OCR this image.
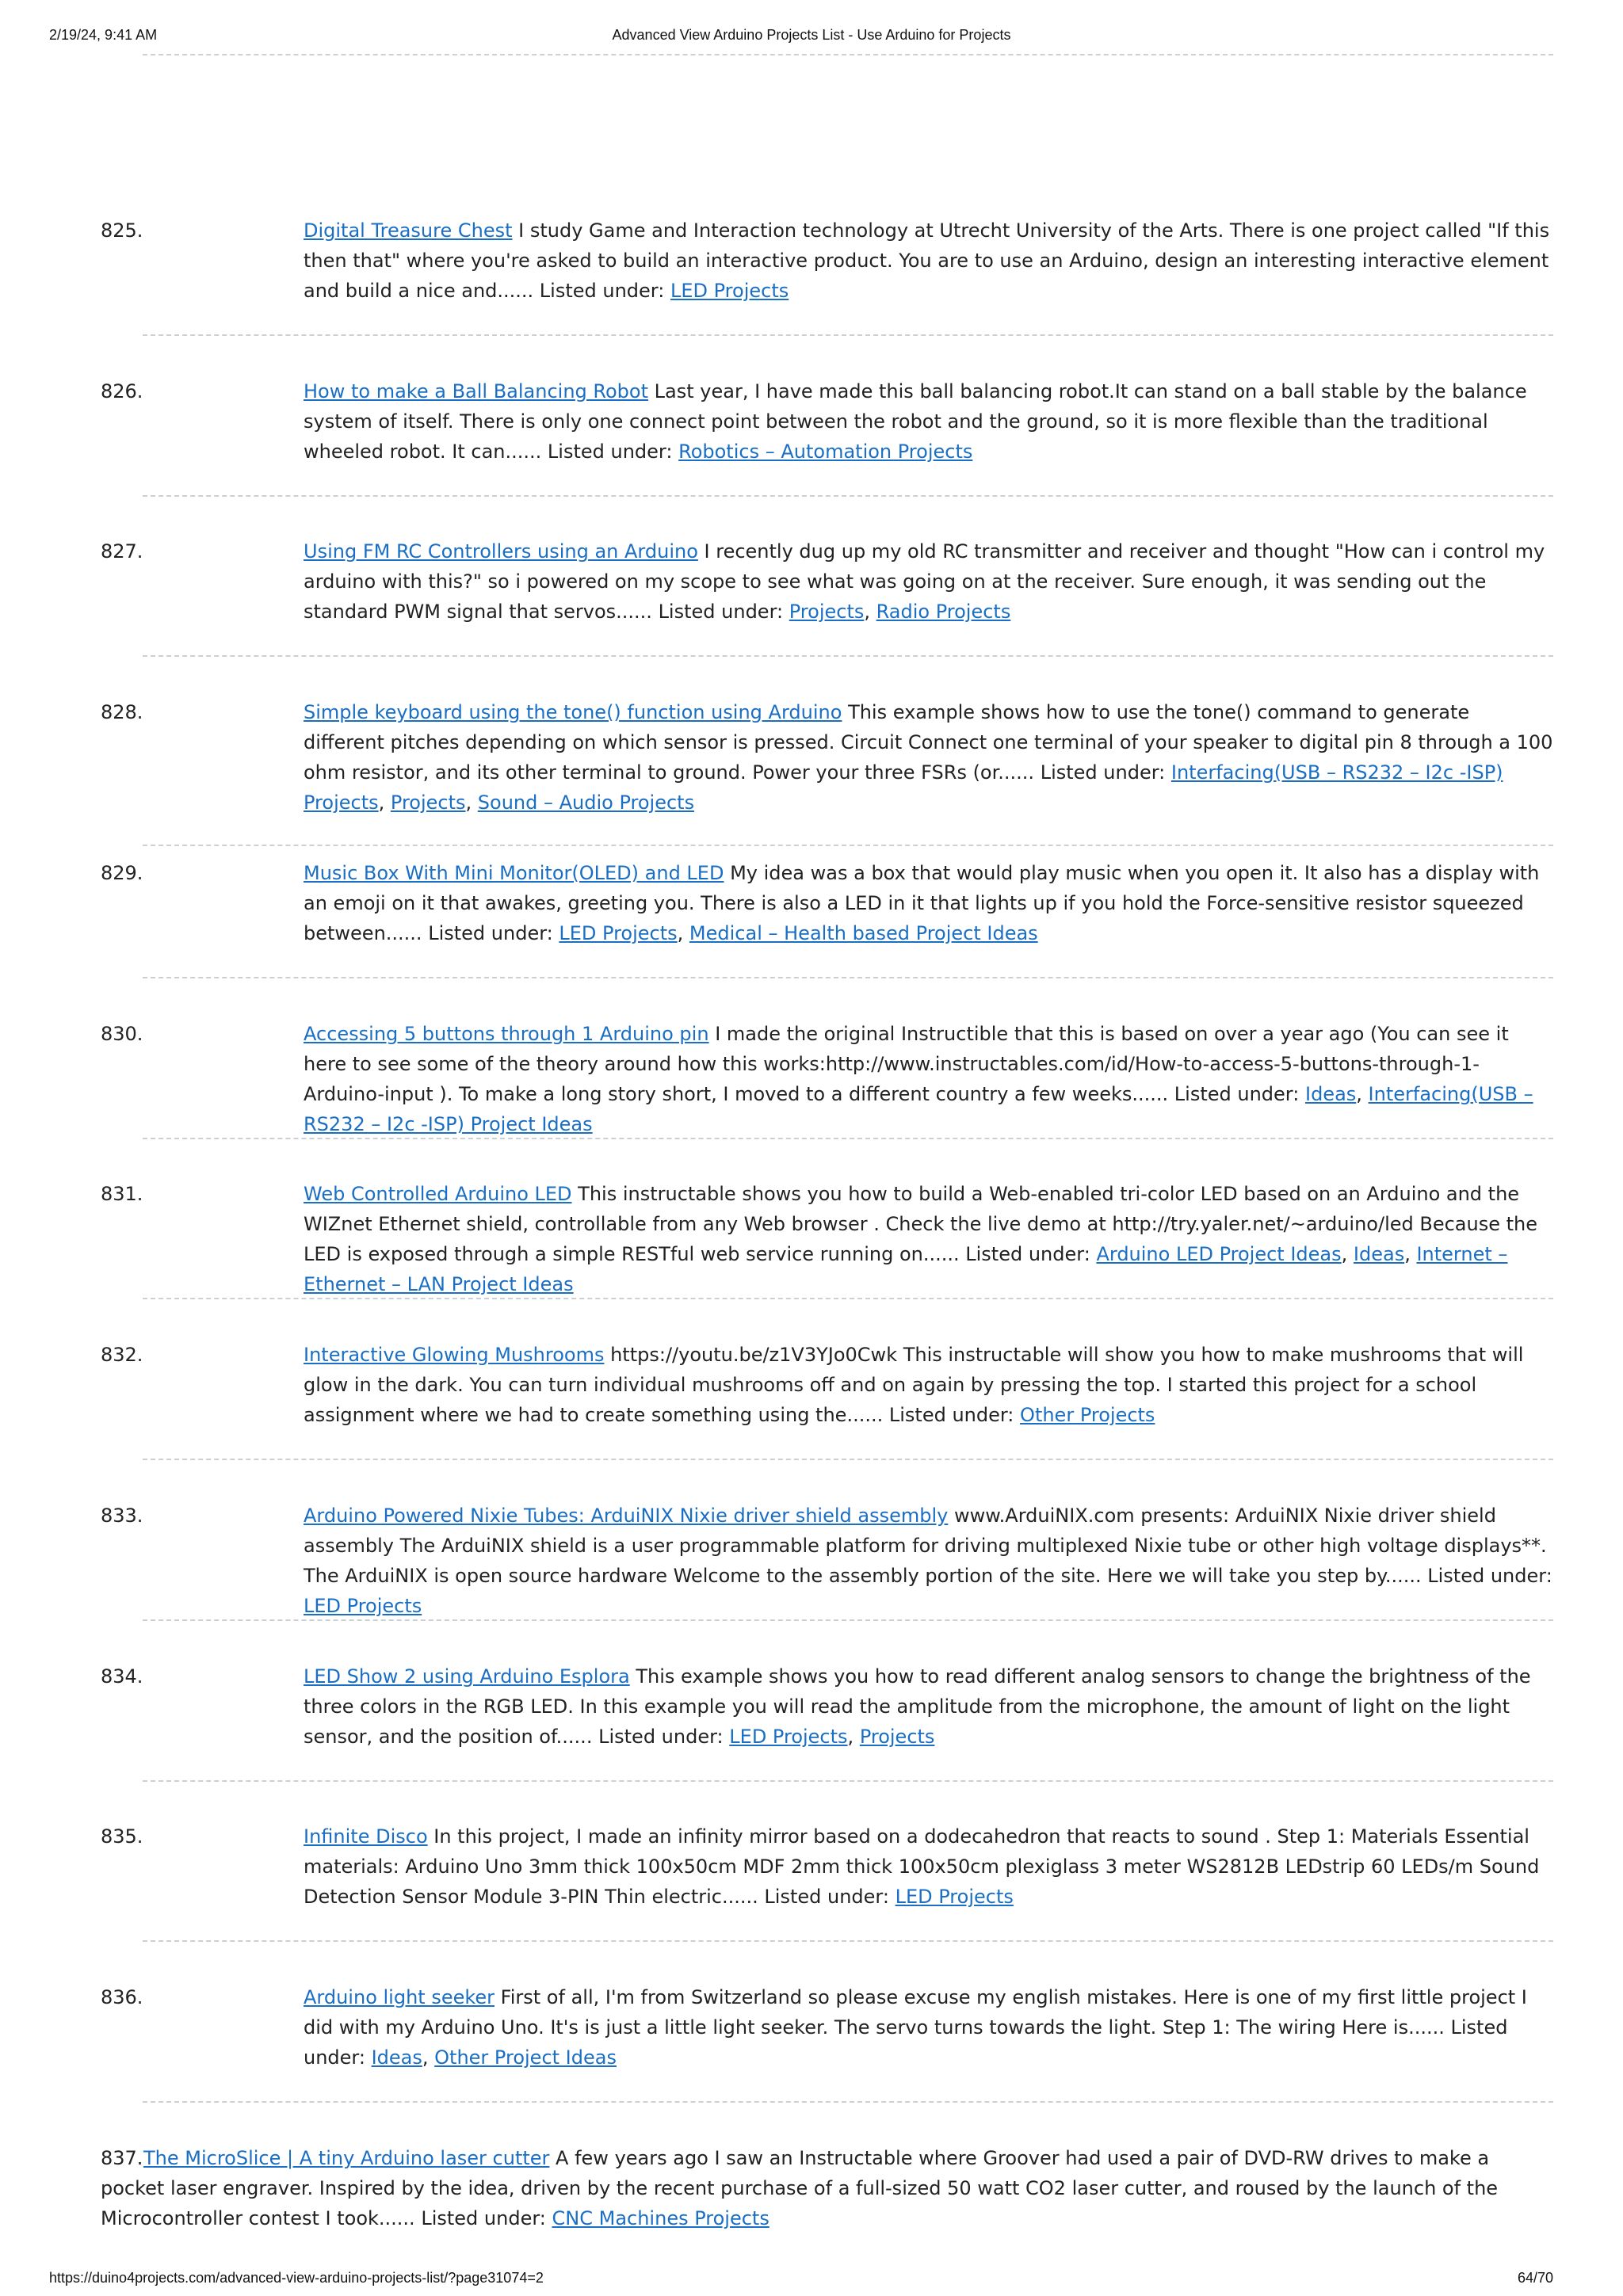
2/19/24, 9:41 AM	Advanced View Arduino Projects List - Use Arduino for Projects
825.	Digital Treasure Chest I study Game and Interaction technology at Utrecht University of the Arts. There is one project called "If this then that" where you're asked to build an interactive product. You are to use an Arduino, design an interesting interactive element and build a nice and...... Listed under: LED Projects
826.	How to make a Ball Balancing Robot Last year, I have made this ball balancing robot.It can stand on a ball stable by the balance system of itself. There is only one connect point between the robot and the ground, so it is more flexible than the traditional wheeled robot. It can...... Listed under: Robotics – Automation Projects
827.	Using FM RC Controllers using an Arduino I recently dug up my old RC transmitter and receiver and thought "How can i control my arduino with this?" so i powered on my scope to see what was going on at the receiver. Sure enough, it was sending out the standard PWM signal that servos...... Listed under: Projects, Radio Projects
828.	Simple keyboard using the tone() function using Arduino This example shows how to use the tone() command to generate different pitches depending on which sensor is pressed. Circuit Connect one terminal of your speaker to digital pin 8 through a 100 ohm resistor, and its other terminal to ground. Power your three FSRs (or...... Listed under: Interfacing(USB – RS232 – I2c -ISP) Projects, Projects, Sound – Audio Projects
829.	Music Box With Mini Monitor(OLED) and LED My idea was a box that would play music when you open it. It also has a display with an emoji on it that awakes, greeting you. There is also a LED in it that lights up if you hold the Force-sensitive resistor squeezed between...... Listed under: LED Projects, Medical – Health based Project Ideas
830.	Accessing 5 buttons through 1 Arduino pin I made the original Instructible that this is based on over a year ago (You can see it here to see some of the theory around how this works:http://www.instructables.com/id/How-to-access-5-buttons-through-1-Arduino-input ). To make a long story short, I moved to a different country a few weeks...... Listed under: Ideas, Interfacing(USB – RS232 – I2c -ISP) Project Ideas
831.	Web Controlled Arduino LED This instructable shows you how to build a Web-enabled tri-color LED based on an Arduino and the WIZnet Ethernet shield, controllable from any Web browser . Check the live demo at http://try.yaler.net/~arduino/led Because the LED is exposed through a simple RESTful web service running on...... Listed under: Arduino LED Project Ideas, Ideas, Internet – Ethernet – LAN Project Ideas
832.	Interactive Glowing Mushrooms https://youtu.be/z1V3YJo0Cwk This instructable will show you how to make mushrooms that will glow in the dark. You can turn individual mushrooms off and on again by pressing the top. I started this project for a school assignment where we had to create something using the...... Listed under: Other Projects
833.	Arduino Powered Nixie Tubes: ArduiNIX Nixie driver shield assembly www.ArduiNIX.com presents: ArduiNIX Nixie driver shield assembly The ArduiNIX shield is a user programmable platform for driving multiplexed Nixie tube or other high voltage displays**. The ArduiNIX is open source hardware Welcome to the assembly portion of the site. Here we will take you step by...... Listed under: LED Projects
834.	LED Show 2 using Arduino Esplora This example shows you how to read different analog sensors to change the brightness of the three colors in the RGB LED. In this example you will read the amplitude from the microphone, the amount of light on the light sensor, and the position of...... Listed under: LED Projects, Projects
835.	Infinite Disco In this project, I made an infinity mirror based on a dodecahedron that reacts to sound . Step 1: Materials Essential materials: Arduino Uno 3mm thick 100x50cm MDF 2mm thick 100x50cm plexiglass 3 meter WS2812B LEDstrip 60 LEDs/m Sound Detection Sensor Module 3-PIN Thin electric...... Listed under: LED Projects
836.	Arduino light seeker First of all, I'm from Switzerland so please excuse my english mistakes. Here is one of my first little project I did with my Arduino Uno. It's is just a little light seeker. The servo turns towards the light. Step 1: The wiring Here is...... Listed under: Ideas, Other Project Ideas
837. The MicroSlice | A tiny Arduino laser cutter A few years ago I saw an Instructable where Groover had used a pair of DVD-RW drives to make a pocket laser engraver. Inspired by the idea, driven by the recent purchase of a full-sized 50 watt CO2 laser cutter, and roused by the launch of the Microcontroller contest I took...... Listed under: CNC Machines Projects
https://duino4projects.com/advanced-view-arduino-projects-list/?page31074=2	64/70
